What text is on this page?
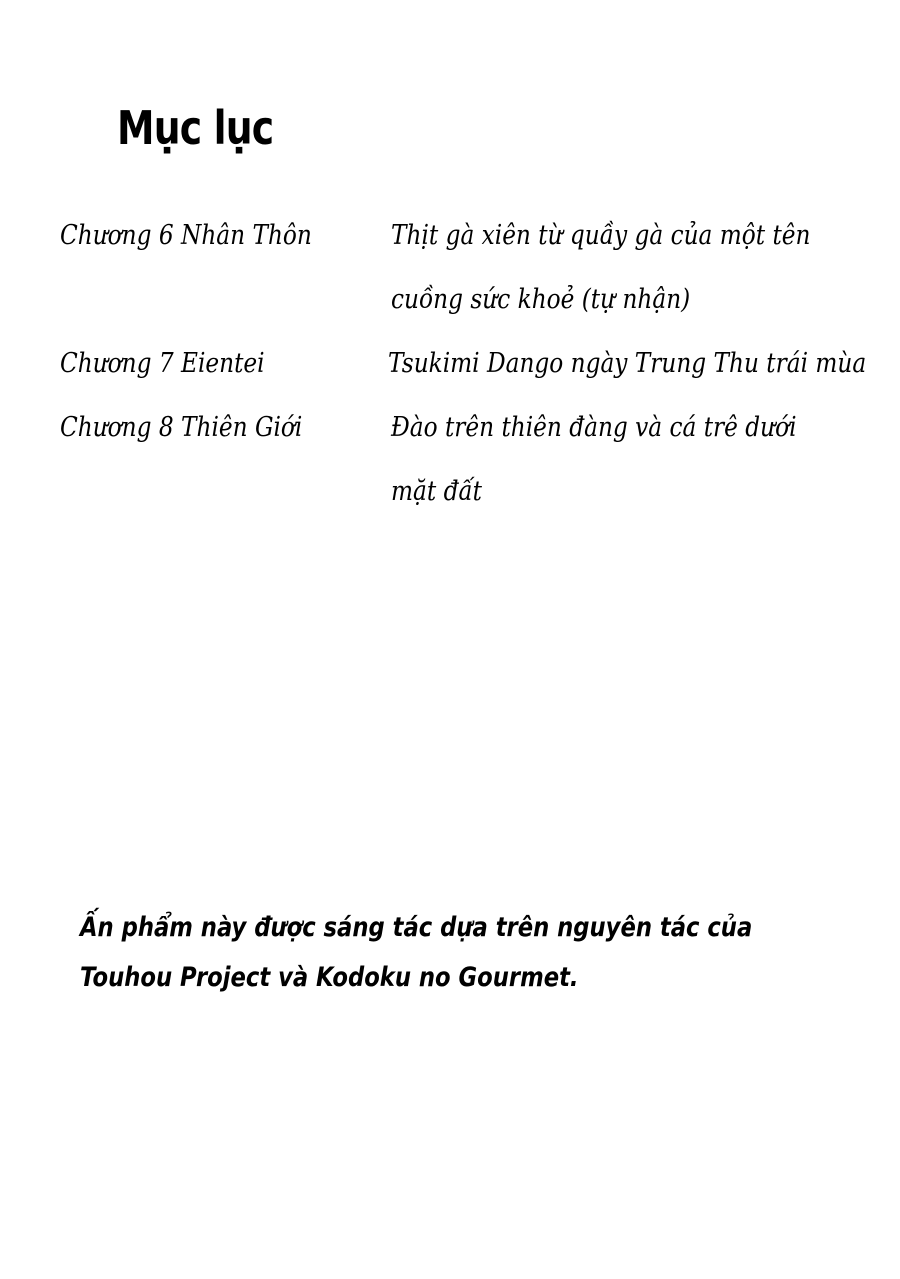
Mục lục
Chương 6 Nhân Thôn	Thịt gà xiên từ quầy gà của một tên
cuồng sức khoẻ (tự nhận)
Chương 7 Eientei	Tsukimi Dango ngày Trung Thu trái mùa
Chương 8 Thiên Giới	Đào trên thiên đàng và cá trê dưới
mặt đất
Ấn phẩm này được sáng tác dựa trên nguyên tác của
Touhou Project và Kodoku no Gourmet.
